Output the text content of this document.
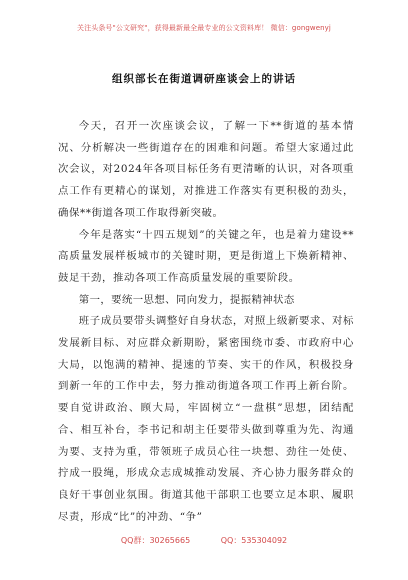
关注头条号"公文研究"，获得最新最全最专业的公文资料库！ 微信：gongwenyj
组织部长在街道调研座谈会上的讲话

今天，召开一次座谈会议，了解一下**街道的基本情况、分析解决一些街道存在的困难和问题。希望大家通过此次会议，对2024年各项目标任务有更清晰的认识，对各项重点工作有更精心的谋划，对推进工作落实有更积极的劲头，确保**街道各项工作取得新突破。

今年是落实“十四五规划”的关键之年，也是着力建设**高质量发展样板城市的关键时期，更是街道上下焕新精神、鼓足干劲，推动各项工作高质量发展的重要阶段。

第一，要统一思想、同向发力，提振精神状态

班子成员要带头调整好自身状态，对照上级新要求、对标发展新目标、对应群众新期盼，紧密围绕市委、市政府中心大局，以饱满的精神、提速的节奏、实干的作风，积极投身到新一年的工作中去，努力推动街道各项工作再上新台阶。要自觉讲政治、顾大局，牢固树立“一盘棋”思想，团结配合、相互补台，李书记和胡主任要带头做到尊重为先、沟通为要、支持为重，带领班子成员心往一块想、劲往一处使、拧成一股绳，形成众志成城推动发展、齐心协力服务群众的良好干事创业氛围。街道其他干部职工也要立足本职、履职尽责，形成“比”的冲劲、“争”

QQ群：30265665	QQ：535304092
